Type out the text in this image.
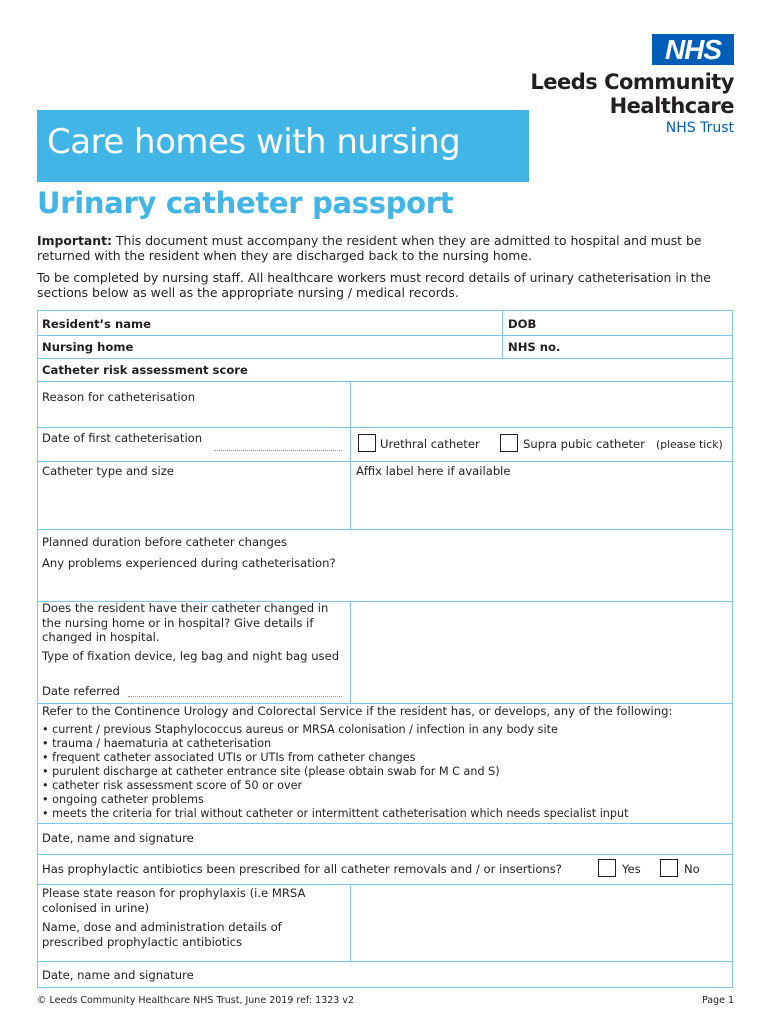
NHS
Leeds Community
Healthcare
NHS Trust
Care homes with nursing
Urinary catheter passport
Important: This document must accompany the resident when they are admitted to hospital and must be returned with the resident when they are discharged back to the nursing home.
To be completed by nursing staff. All healthcare workers must record details of urinary catheterisation in the sections below as well as the appropriate nursing / medical records.
Resident’s name	DOB
Nursing home	NHS no.
Catheter risk assessment score
Reason for catheterisation
Date of first catheterisation	Urethral catheter	Supra pubic catheter (please tick)
Catheter type and size	Affix label here if available
Planned duration before catheter changes
Any problems experienced during catheterisation?
Does the resident have their catheter changed in
the nursing home or in hospital? Give details if
changed in hospital.
Type of fixation device, leg bag and night bag used
Date referred
Refer to the Continence Urology and Colorectal Service if the resident has, or develops, any of the following:
• current / previous Staphylococcus aureus or MRSA colonisation / infection in any body site
• trauma / haematuria at catheterisation
• frequent catheter associated UTIs or UTIs from catheter changes
• purulent discharge at catheter entrance site (please obtain swab for M C and S)
• catheter risk assessment score of 50 or over
• ongoing catheter problems
• meets the criteria for trial without catheter or intermittent catheterisation which needs specialist input
Date, name and signature
Has prophylactic antibiotics been prescribed for all catheter removals and / or insertions?	Yes	No
Please state reason for prophylaxis (i.e MRSA
colonised in urine)
Name, dose and administration details of
prescribed prophylactic antibiotics
Date, name and signature
© Leeds Community Healthcare NHS Trust, June 2019 ref: 1323 v2	Page 1
